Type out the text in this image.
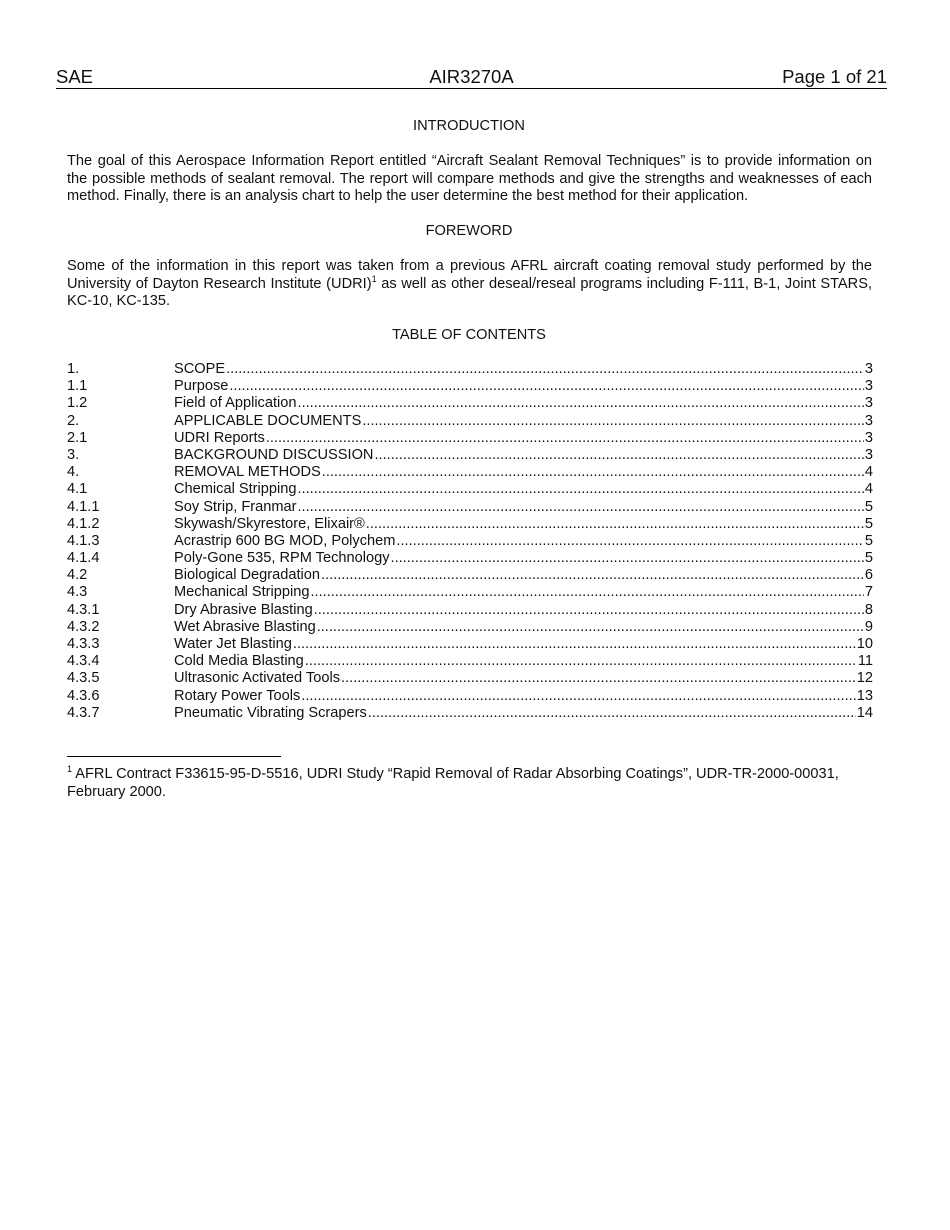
SAE	AIR3270A	Page 1 of 21
INTRODUCTION

The goal of this Aerospace Information Report entitled “Aircraft Sealant Removal Techniques” is to provide information on the possible methods of sealant removal. The report will compare methods and give the strengths and weaknesses of each method. Finally, there is an analysis chart to help the user determine the best method for their application.

FOREWORD

Some of the information in this report was taken from a previous AFRL aircraft coating removal study performed by the University of Dayton Research Institute (UDRI)$^1$ as well as other deseal/reseal programs including F-111, B-1, Joint STARS, KC-10, KC-135.

TABLE OF CONTENTS
1.	SCOPE .....	3
1.1	Purpose .....	3
1.2	Field of Application .....	3
2.	APPLICABLE DOCUMENTS .....	3
2.1	UDRI Reports .....	3
3.	BACKGROUND DISCUSSION .....	3
4.	REMOVAL METHODS .....	4
4.1	Chemical Stripping .....	4
4.1.1	Soy Strip, Franmar .....	5
4.1.2	Skywash/Skyrestore, Elixair® .....	5
4.1.3	Acrastrip 600 BG MOD, Polychem .....	5
4.1.4	Poly-Gone 535, RPM Technology .....	5
4.2	Biological Degradation .....	6
4.3	Mechanical Stripping .....	7
4.3.1	Dry Abrasive Blasting .....	8
4.3.2	Wet Abrasive Blasting .....	9
4.3.3	Water Jet Blasting .....	10
4.3.4	Cold Media Blasting .....	11
4.3.5	Ultrasonic Activated Tools .....	12
4.3.6	Rotary Power Tools .....	13
4.3.7	Pneumatic Vibrating Scrapers .....	14
$^1$ AFRL Contract F33615-95-D-5516, UDRI Study “Rapid Removal of Radar Absorbing Coatings”, UDR-TR-2000-00031, February 2000.
